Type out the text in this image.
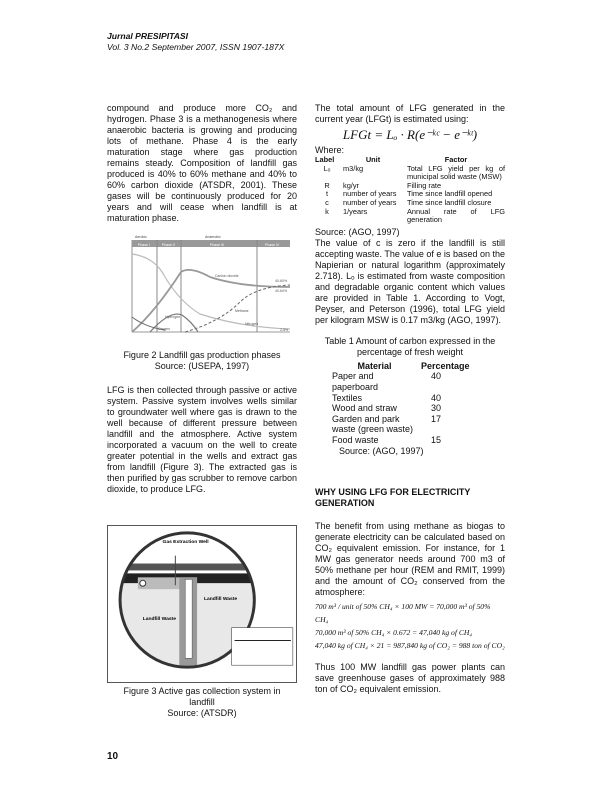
Jurnal PRESIPITASI
Vol. 3 No.2 September 2007, ISSN 1907-187X
compound and produce more CO₂ and hydrogen. Phase 3 is a methanogenesis where anaerobic bacteria is growing and producing lots of methane. Phase 4 is the early maturation stage where gas production remains steady. Composition of landfill gas produced is 40% to 60% methane and 40% to 60% carbon dioxide (ATSDR, 2001). These gases will be continuously produced for 20 years and will cease when landfill is at maturation phase.
Phase I	Phase II	Phase III	Phase IV
Aerobic	Anaerobic
Carbon dioxide
Methane
Nitrogen
Hydrogen
Oxygen
40-60%
40-60%
2-5%
Figure 2 Landfill gas production phases
Source: (USEPA, 1997)
LFG is then collected through passive or active system. Passive system involves wells similar to groundwater well where gas is drawn to the well because of different pressure between landfill and the atmosphere. Active system incorporated a vacuum on the well to create greater potential in the wells and extract gas from landfill (Figure 3). The extracted gas is then purified by gas scrubber to remove carbon dioxide, to produce LFG.
Gas Extraction Well
Landfill Waste
Landfill Waste
Figure 3 Active gas collection system in
landfill
Source: (ATSDR)
10
The total amount of LFG generated in the current year (LFGt) is estimated using:
LFGt = Lₒ · R(e⁻ᵏᶜ − e⁻ᵏᵗ)
Where:
Label	Unit	Factor
Lₒ	m3/kg	Total LFG yield per kg of municipal solid waste (MSW)
R	kg/yr	Filling rate
t	number of years	Time since landfill opened
c	number of years	Time since landfill closure
k	1/years	Annual rate of LFG generation
Source: (AGO, 1997)
The value of c is zero if the landfill is still accepting waste. The value of e is based on the Napierian or natural logarithm (approximately 2.718). Lₒ is estimated from waste composition and degradable organic content which values are provided in Table 1. According to Vogt, Peyser, and Peterson (1996), total LFG yield per kilogram MSW is 0.17 m3/kg (AGO, 1997).
Table 1 Amount of carbon expressed in the percentage of fresh weight
Material	Percentage
Paper and paperboard	40
Textiles	40
Wood and straw	30
Garden and park waste (green waste)	17
Food waste	15
Source: (AGO, 1997)
WHY USING LFG FOR ELECTRICITY GENERATION
The benefit from using methane as biogas to generate electricity can be calculated based on CO₂ equivalent emission. For instance, for 1 MW gas generator needs around 700 m3 of 50% methane per hour (REM and RMIT, 1999) and the amount of CO₂ conserved from the atmosphere:
700 m³ / unit of 50% CH₄ × 100 MW = 70,000 m³ of 50% CH₄
70,000 m³ of 50% CH₄ × 0.672 = 47,040 kg of CH₄
47,040 kg of CH₄ × 21 = 987,840 kg of CO₂ = 988 ton of CO₂
Thus 100 MW landfill gas power plants can save greenhouse gases of approximately 988 ton of CO₂ equivalent emission.
